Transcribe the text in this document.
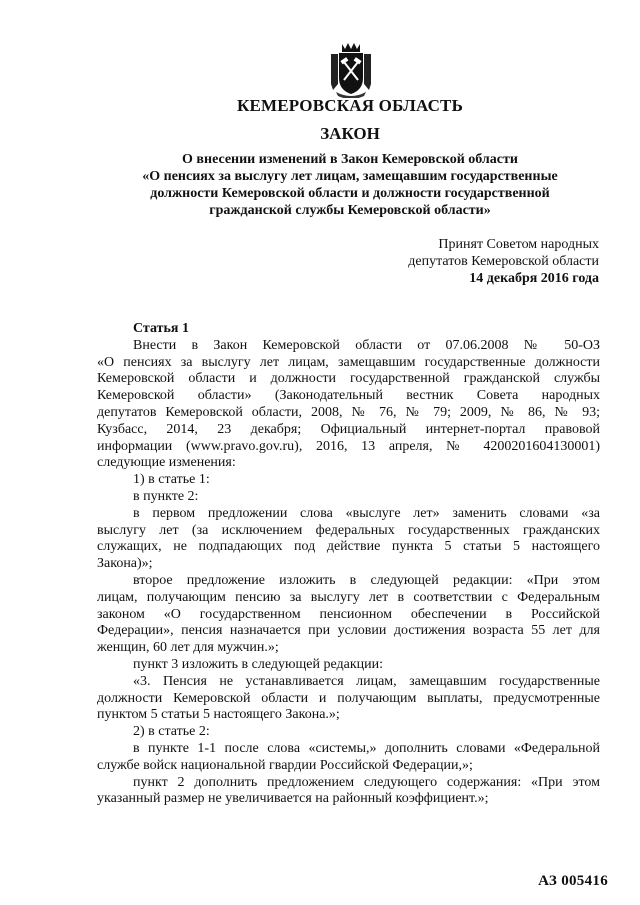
КЕМЕРОВСКАЯ ОБЛАСТЬ
ЗАКОН
О внесении изменений в Закон Кемеровской области
«О пенсиях за выслугу лет лицам, замещавшим государственные
должности Кемеровской области и должности государственной
гражданской службы Кемеровской области»
Принят Советом народных
депутатов Кемеровской области
14 декабря 2016 года
Статья 1
Внести в Закон Кемеровской области от 07.06.2008 № 50-ОЗ
«О пенсиях за выслугу лет лицам, замещавшим государственные должности
Кемеровской области и должности государственной гражданской службы
Кемеровской области» (Законодательный вестник Совета народных
депутатов Кемеровской области, 2008, № 76, № 79; 2009, № 86, № 93;
Кузбасс, 2014, 23 декабря; Официальный интернет-портал правовой
информации (www.pravo.gov.ru), 2016, 13 апреля, № 4200201604130001)
следующие изменения:
1) в статье 1:
в пункте 2:
в первом предложении слова «выслуге лет» заменить словами «за
выслугу лет (за исключением федеральных государственных гражданских
служащих, не подпадающих под действие пункта 5 статьи 5 настоящего
Закона)»;
второе предложение изложить в следующей редакции: «При этом
лицам, получающим пенсию за выслугу лет в соответствии с Федеральным
законом «О государственном пенсионном обеспечении в Российской
Федерации», пенсия назначается при условии достижения возраста 55 лет для
женщин, 60 лет для мужчин.»;
пункт 3 изложить в следующей редакции:
«3. Пенсия не устанавливается лицам, замещавшим государственные
должности Кемеровской области и получающим выплаты, предусмотренные
пунктом 5 статьи 5 настоящего Закона.»;
2) в статье 2:
в пункте 1-1 после слова «системы,» дополнить словами «Федеральной
службе войск национальной гвардии Российской Федерации,»;
пункт 2 дополнить предложением следующего содержания: «При этом
указанный размер не увеличивается на районный коэффициент.»;
АЗ 005416
